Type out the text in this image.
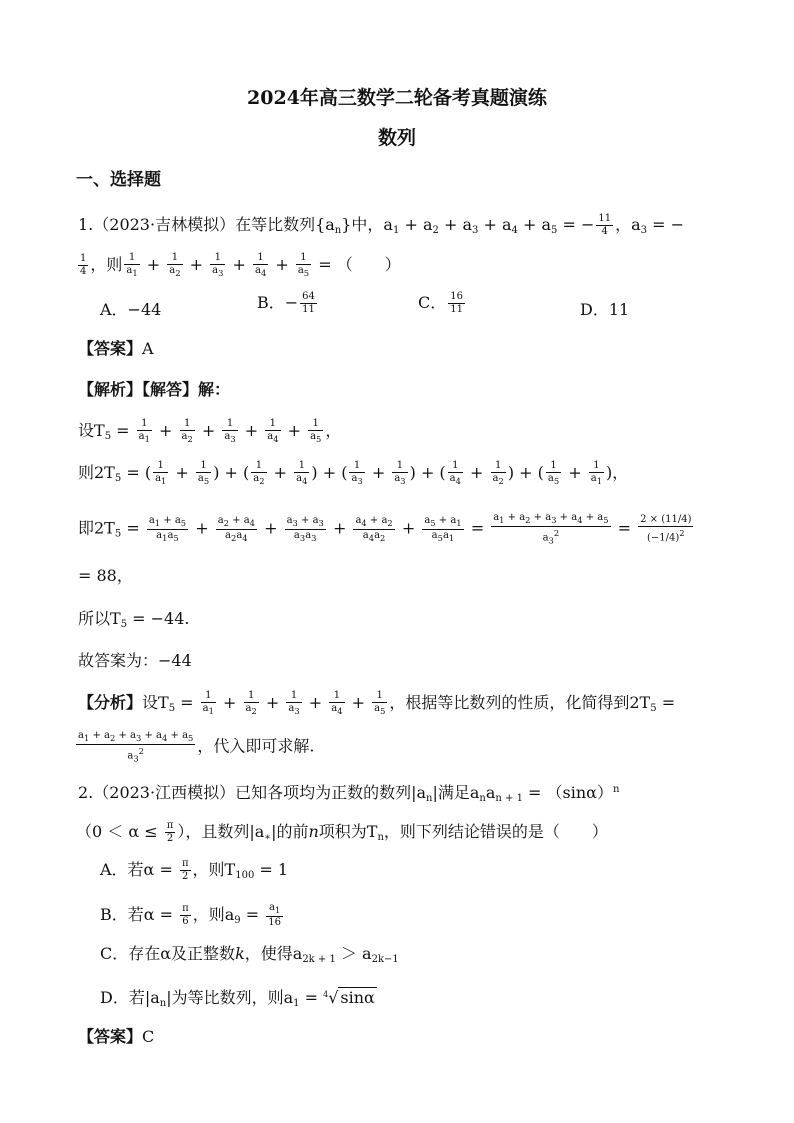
2024年高三数学二轮备考真题演练
数列
一、选择题
1.（2023·吉林模拟）在等比数列$\{a_n\}$中，$a_1 + a_2 + a_3 + a_4 + a_5$ = − $\frac{11}{4}$ ，$a_3$ = −
$\frac{1}{4}$ ，则 $\frac{1}{a_1} + \frac{1}{a_2} + \frac{1}{a_3} + \frac{1}{a_4} + \frac{1}{a_5}$ = （　　）
A．−44	B．− $\frac{64}{11}$	C． $\frac{16}{11}$	D．11
【答案】A
【解析】【解答】解：
设$T_5 = \frac{1}{a_1} + \frac{1}{a_2} + \frac{1}{a_3} + \frac{1}{a_4} + \frac{1}{a_5}$ ，
则$2T_5$ = ( $\frac{1}{a_1} + \frac{1}{a_5}$ ) + ( $\frac{1}{a_2} + \frac{1}{a_4}$ ) + ( $\frac{1}{a_3} + \frac{1}{a_3}$ ) + ( $\frac{1}{a_4} + \frac{1}{a_2}$ ) + ( $\frac{1}{a_5} + \frac{1}{a_1}$ )，
即$2T_5 = \frac{a_1 + a_5}{a_1a_5} + \frac{a_2 + a_4}{a_2a_4} + \frac{a_3 + a_3}{a_3a_3} + \frac{a_4 + a_2}{a_4a_2} + \frac{a_5 + a_1}{a_5a_1} = \frac{a_1 + a_2 + a_3 + a_4 + a_5}{a_3^2} = \frac{2 \times (11/4)}{(-1/4)^2}$
= 88，
所以$T_5 = -44$.
故答案为：−44
【分析】设$T_5 = \frac{1}{a_1} + \frac{1}{a_2} + \frac{1}{a_3} + \frac{1}{a_4} + \frac{1}{a_5}$ ，根据等比数列的性质，化简得到$2T_5$ =
$\frac{a_1 + a_2 + a_3 + a_4 + a_5}{a_3^2}$ ，代入即可求解.
2.（2023·江西模拟）已知各项均为正数的数列$|a_n|$满足$a_na_{n + 1} = (\sin\alpha)^n$
（$0 < \alpha \le \frac{\pi}{2}$ ），且数列$|a_∗|$的前n项积为$T_n$，则下列结论错误的是（　　）
A．若$\alpha = \frac{\pi}{2}$ ，则$T_{100} = 1$
B．若$\alpha = \frac{\pi}{6}$ ，则$a_9 = \frac{a_1}{16}$
C．存在α及正整数k，使得$a_{2k + 1} > a_{2k-1}$
D．若$|a_n|$为等比数列，则$a_1 = ^4√$ sinα
【答案】C
